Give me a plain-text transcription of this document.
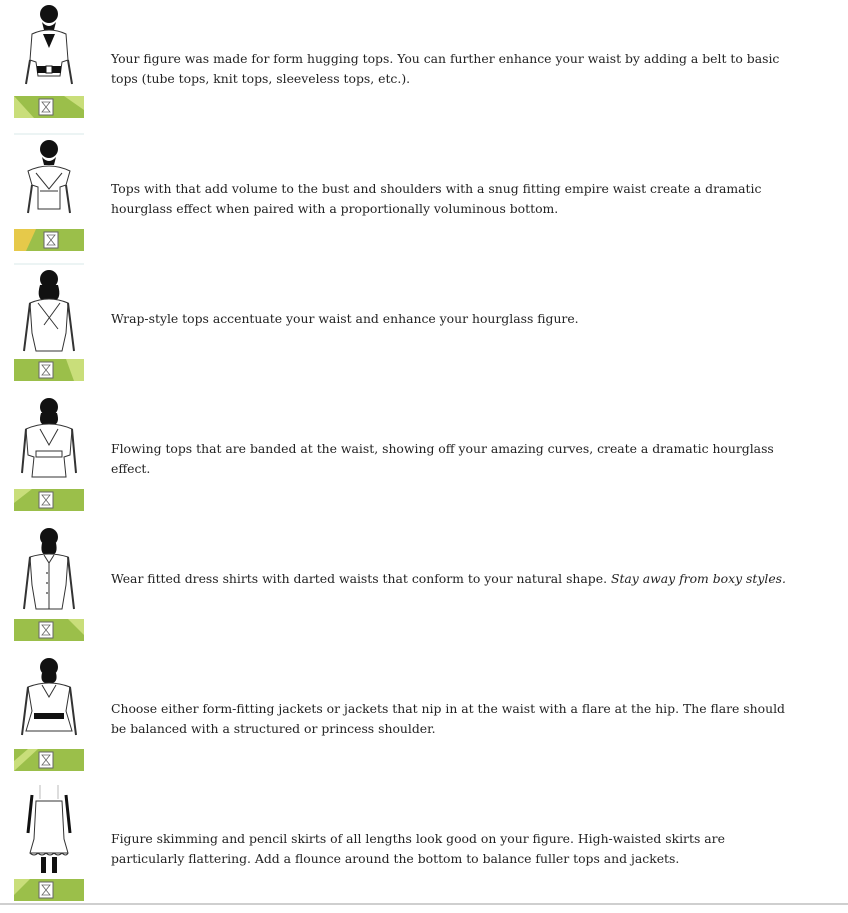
Your figure was made for form hugging tops. You can further enhance your waist by adding a belt to basic tops (tube tops, knit tops, sleeveless tops, etc.).
Tops with that add volume to the bust and shoulders with a snug fitting empire waist create a dramatic hourglass effect when paired with a proportionally voluminous bottom.
Wrap-style tops accentuate your waist and enhance your hourglass figure.
Flowing tops that are banded at the waist, showing off your amazing curves, create a dramatic hourglass effect.
Wear fitted dress shirts with darted waists that conform to your natural shape. Stay away from boxy styles.
Choose either form-fitting jackets or jackets that nip in at the waist with a flare at the hip. The flare should be balanced with a structured or princess shoulder.
Figure skimming and pencil skirts of all lengths look good on your figure. High-waisted skirts are particularly flattering. Add a flounce around the bottom to balance fuller tops and jackets.
